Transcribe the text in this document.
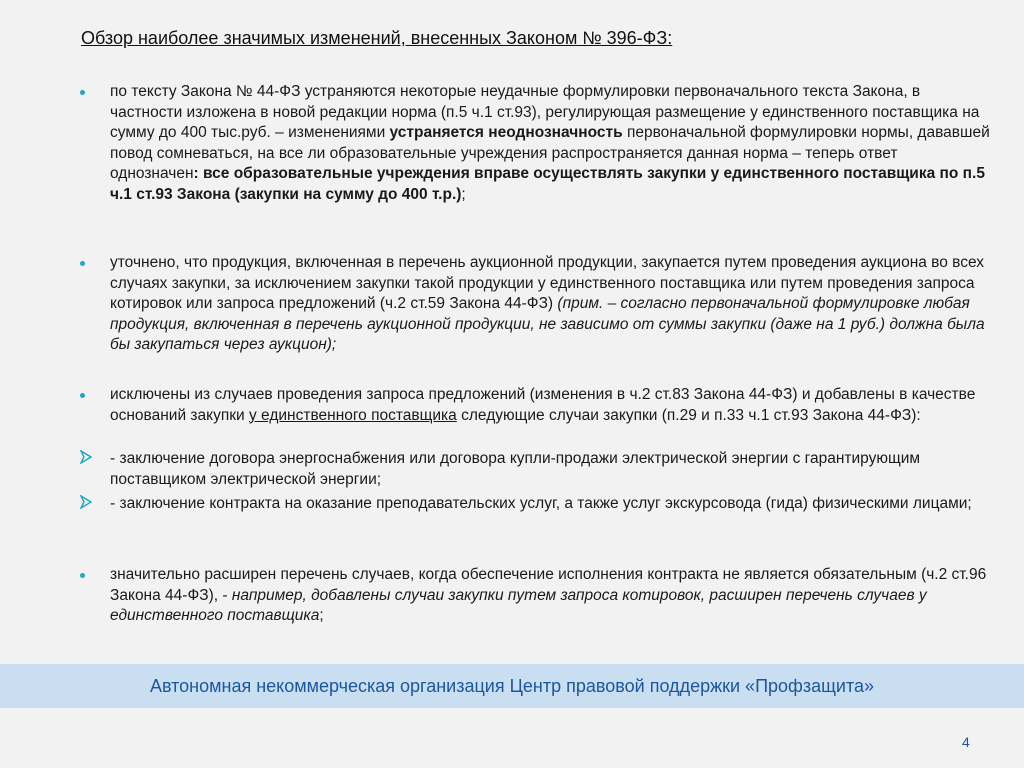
Обзор наиболее значимых изменений, внесенных Законом № 396-ФЗ:

по тексту Закона № 44-ФЗ устраняются некоторые неудачные формулировки первоначального текста Закона, в частности изложена в новой редакции норма (п.5 ч.1 ст.93), регулирующая размещение у единственного поставщика на сумму до 400 тыс.руб. – изменениями устраняется неоднозначность первоначальной формулировки нормы, дававшей повод сомневаться, на все ли образовательные учреждения распространяется данная норма – теперь ответ однозначен: все образовательные учреждения вправе осуществлять закупки у единственного поставщика по п.5 ч.1 ст.93 Закона (закупки на сумму до 400 т.р.);

уточнено, что продукция, включенная в перечень аукционной продукции, закупается путем проведения аукциона во всех случаях закупки, за исключением закупки такой продукции у единственного поставщика или путем проведения запроса котировок или запроса предложений (ч.2 ст.59 Закона 44-ФЗ) (прим. – согласно первоначальной формулировке любая продукция, включенная в перечень аукционной продукции, не зависимо от суммы закупки (даже на 1 руб.) должна была бы закупаться через аукцион);

исключены из случаев проведения запроса предложений (изменения в ч.2 ст.83 Закона 44-ФЗ) и добавлены в качестве оснований закупки у единственного поставщика следующие случаи закупки (п.29 и п.33 ч.1 ст.93 Закона 44-ФЗ):

- заключение договора энергоснабжения или договора купли-продажи электрической энергии с гарантирующим поставщиком электрической энергии;

- заключение контракта на оказание преподавательских услуг, а также услуг экскурсовода (гида) физическими лицами;

значительно расширен перечень случаев, когда обеспечение исполнения контракта не является обязательным (ч.2 ст.96 Закона 44-ФЗ), - например, добавлены случаи закупки путем запроса котировок, расширен перечень случаев у единственного поставщика;

Автономная некоммерческая организация Центр правовой поддержки «Профзащита»
4
